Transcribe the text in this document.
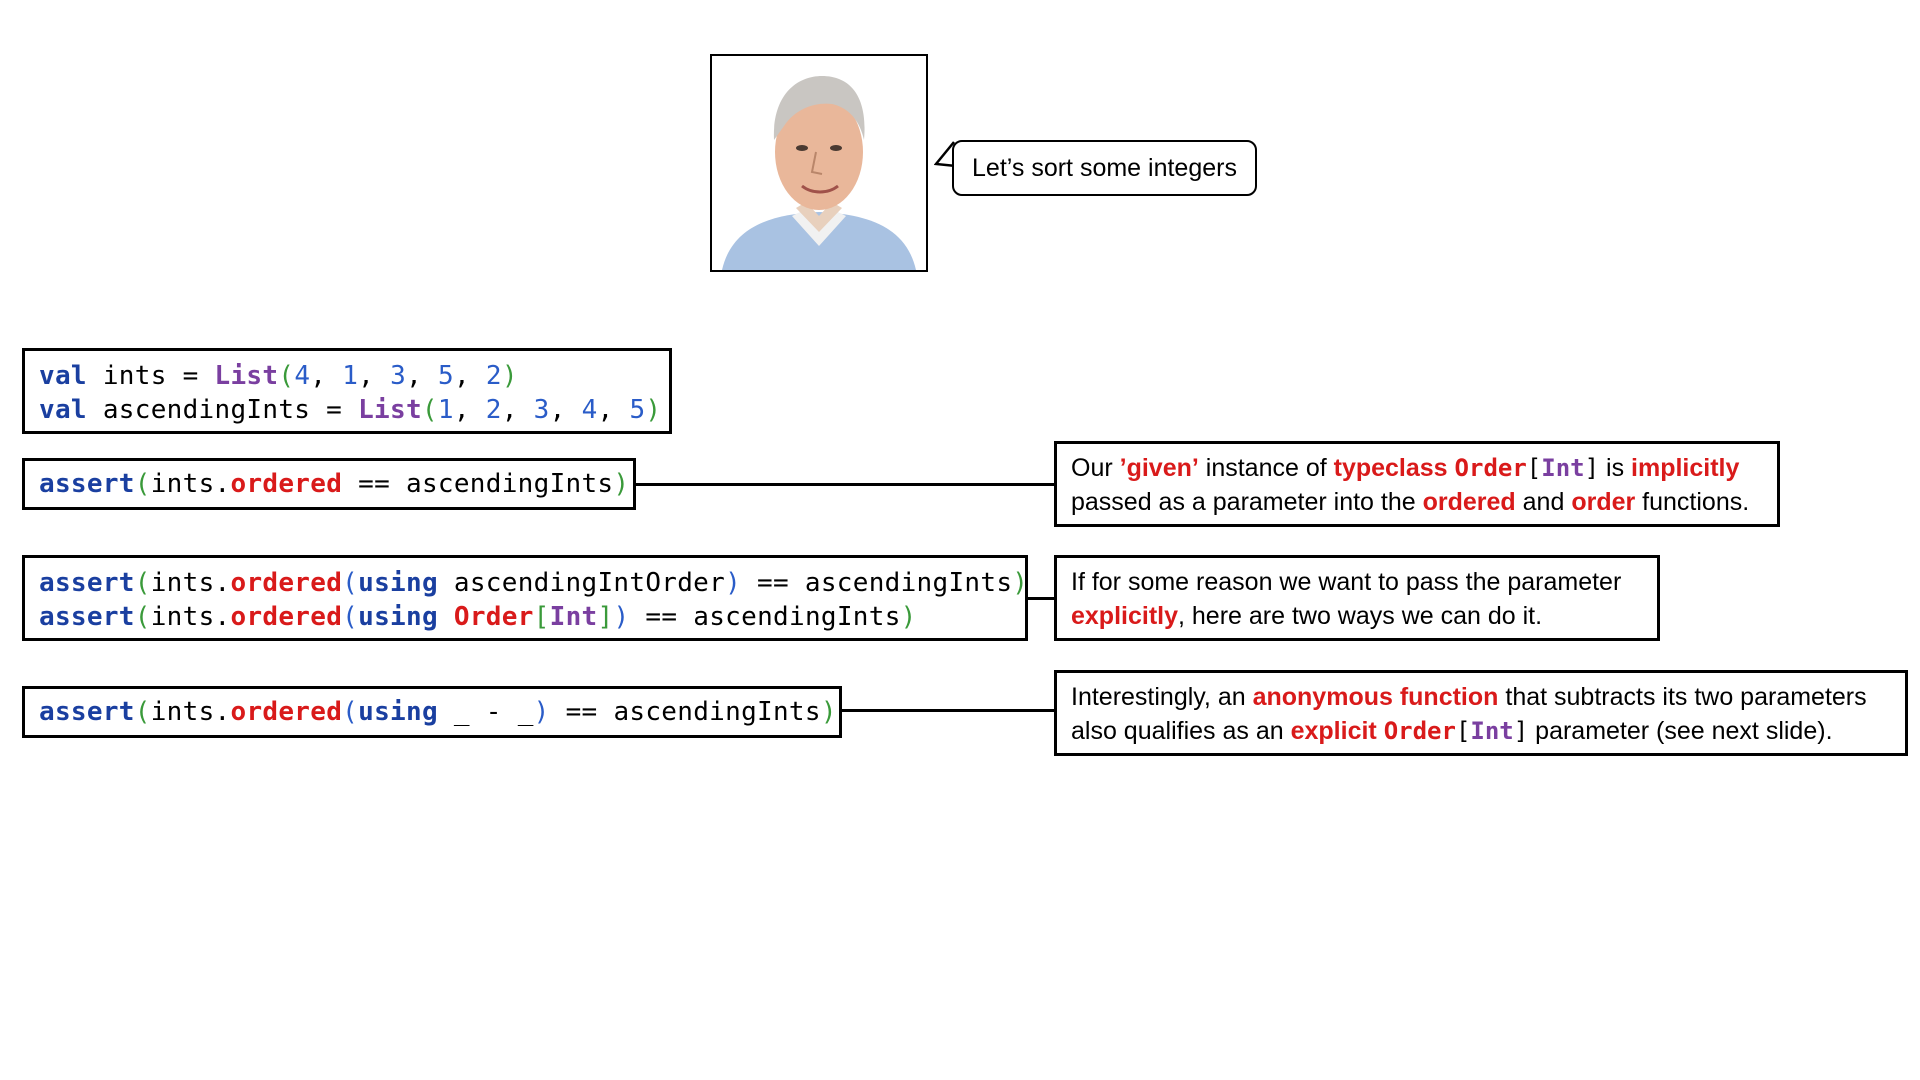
Let’s sort some integers
val ints = List(4, 1, 3, 5, 2)
val ascendingInts = List(1, 2, 3, 4, 5)
assert(ints.ordered == ascendingInts)
Our ’given’ instance of typeclass Order[Int] is implicitly
passed as a parameter into the ordered and order functions.
assert(ints.ordered(using ascendingIntOrder) == ascendingInts)
assert(ints.ordered(using Order[Int]) == ascendingInts)
If for some reason we want to pass the parameter
explicitly, here are two ways we can do it.
assert(ints.ordered(using _ - _) == ascendingInts)	Interestingly, an anonymous function that subtracts its two parameters
also qualifies as an explicit Order[Int] parameter (see next slide).
